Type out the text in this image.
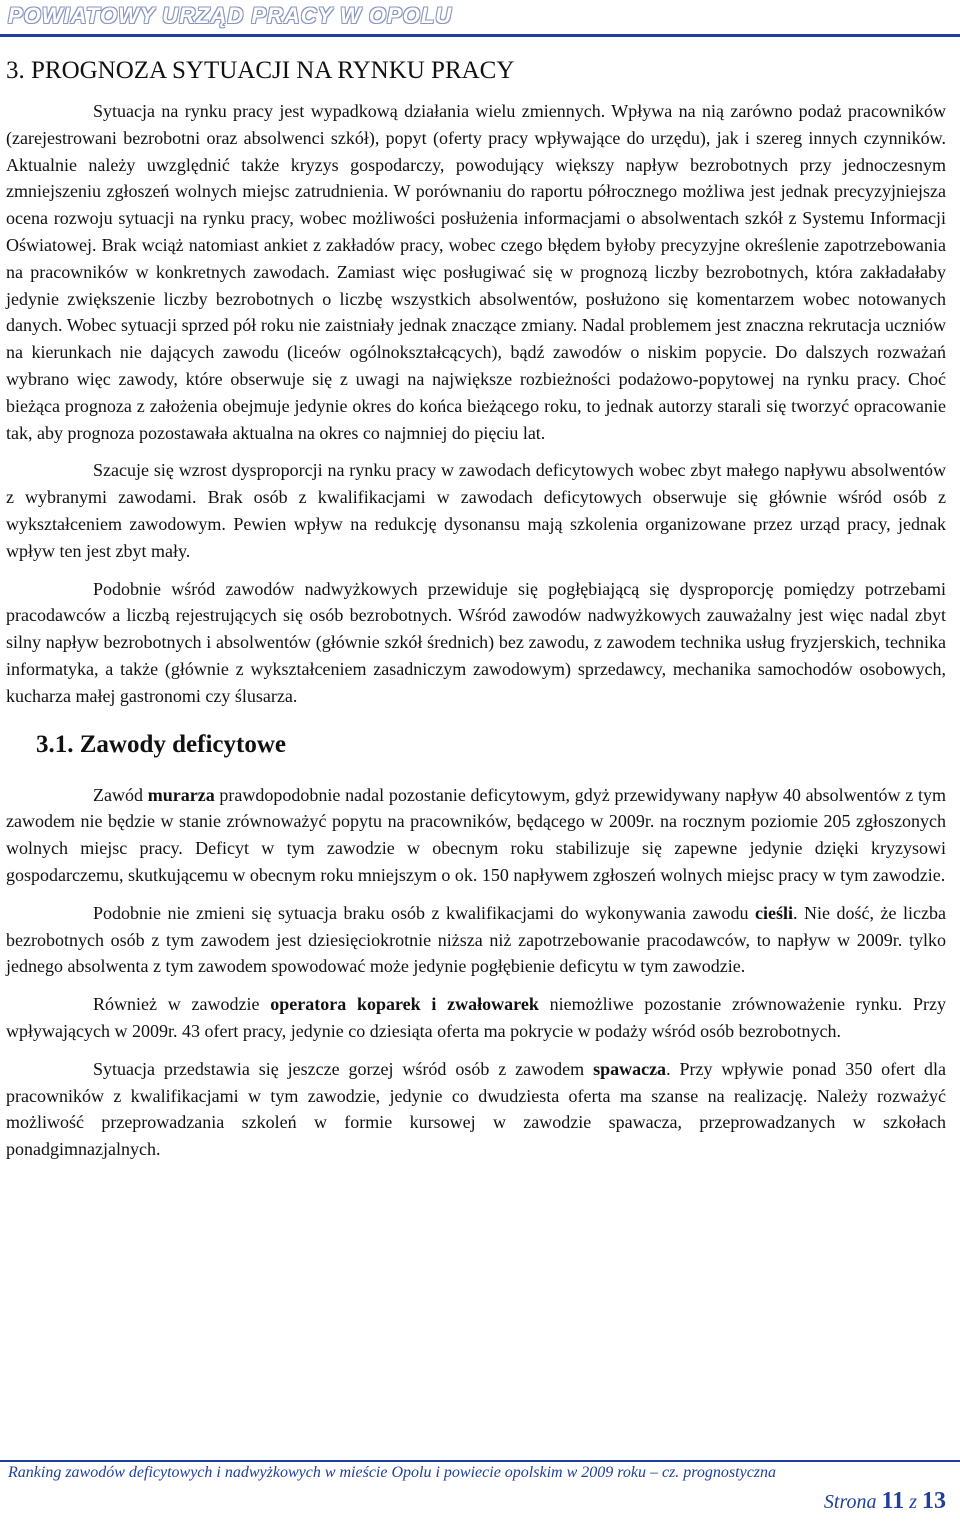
POWIATOWY URZĄD PRACY W OPOLU
3. PROGNOZA SYTUACJI NA RYNKU PRACY

Sytuacja na rynku pracy jest wypadkową działania wielu zmiennych. Wpływa na nią zarówno podaż pracowników (zarejestrowani bezrobotni oraz absolwenci szkół), popyt (oferty pracy wpływające do urzędu), jak i szereg innych czynników. Aktualnie należy uwzględnić także kryzys gospodarczy, powodujący większy napływ bezrobotnych przy jednoczesnym zmniejszeniu zgłoszeń wolnych miejsc zatrudnienia. W porównaniu do raportu półrocznego możliwa jest jednak precyzyjniejsza ocena rozwoju sytuacji na rynku pracy, wobec możliwości posłużenia informacjami o absolwentach szkół z Systemu Informacji Oświatowej. Brak wciąż natomiast ankiet z zakładów pracy, wobec czego błędem byłoby precyzyjne określenie zapotrzebowania na pracowników w konkretnych zawodach. Zamiast więc posługiwać się w prognozą liczby bezrobotnych, która zakładałaby jedynie zwiększenie liczby bezrobotnych o liczbę wszystkich absolwentów, posłużono się komentarzem wobec notowanych danych. Wobec sytuacji sprzed pół roku nie zaistniały jednak znaczące zmiany. Nadal problemem jest znaczna rekrutacja uczniów na kierunkach nie dających zawodu (liceów ogólnokształcących), bądź zawodów o niskim popycie. Do dalszych rozważań wybrano więc zawody, które obserwuje się z uwagi na największe rozbieżności podażowo-popytowej na rynku pracy. Choć bieżąca prognoza z założenia obejmuje jedynie okres do końca bieżącego roku, to jednak autorzy starali się tworzyć opracowanie tak, aby prognoza pozostawała aktualna na okres co najmniej do pięciu lat.

Szacuje się wzrost dysproporcji na rynku pracy w zawodach deficytowych wobec zbyt małego napływu absolwentów z wybranymi zawodami. Brak osób z kwalifikacjami w zawodach deficytowych obserwuje się głównie wśród osób z wykształceniem zawodowym. Pewien wpływ na redukcję dysonansu mają szkolenia organizowane przez urząd pracy, jednak wpływ ten jest zbyt mały.

Podobnie wśród zawodów nadwyżkowych przewiduje się pogłębiającą się dysproporcję pomiędzy potrzebami pracodawców a liczbą rejestrujących się osób bezrobotnych. Wśród zawodów nadwyżkowych zauważalny jest więc nadal zbyt silny napływ bezrobotnych i absolwentów (głównie szkół średnich) bez zawodu, z zawodem technika usług fryzjerskich, technika informatyka, a także (głównie z wykształceniem zasadniczym zawodowym) sprzedawcy, mechanika samochodów osobowych, kucharza małej gastronomi czy ślusarza.

3.1. Zawody deficytowe

Zawód murarza prawdopodobnie nadal pozostanie deficytowym, gdyż przewidywany napływ 40 absolwentów z tym zawodem nie będzie w stanie zrównoważyć popytu na pracowników, będącego w 2009r. na rocznym poziomie 205 zgłoszonych wolnych miejsc pracy. Deficyt w tym zawodzie w obecnym roku stabilizuje się zapewne jedynie dzięki kryzysowi gospodarczemu, skutkującemu w obecnym roku mniejszym o ok. 150 napływem zgłoszeń wolnych miejsc pracy w tym zawodzie.

Podobnie nie zmieni się sytuacja braku osób z kwalifikacjami do wykonywania zawodu cieśli. Nie dość, że liczba bezrobotnych osób z tym zawodem jest dziesięciokrotnie niższa niż zapotrzebowanie pracodawców, to napływ w 2009r. tylko jednego absolwenta z tym zawodem spowodować może jedynie pogłębienie deficytu w tym zawodzie.

Również w zawodzie operatora koparek i zwałowarek niemożliwe pozostanie zrównoważenie rynku. Przy wpływających w 2009r. 43 ofert pracy, jedynie co dziesiąta oferta ma pokrycie w podaży wśród osób bezrobotnych.

Sytuacja przedstawia się jeszcze gorzej wśród osób z zawodem spawacza. Przy wpływie ponad 350 ofert dla pracowników z kwalifikacjami w tym zawodzie, jedynie co dwudziesta oferta ma szanse na realizację. Należy rozważyć możliwość przeprowadzania szkoleń w formie kursowej w zawodzie spawacza, przeprowadzanych w szkołach ponadgimnazjalnych.

Ranking zawodów deficytowych i nadwyżkowych w mieście Opolu i powiecie opolskim w 2009 roku – cz. prognostyczna
Strona 11 z 13
